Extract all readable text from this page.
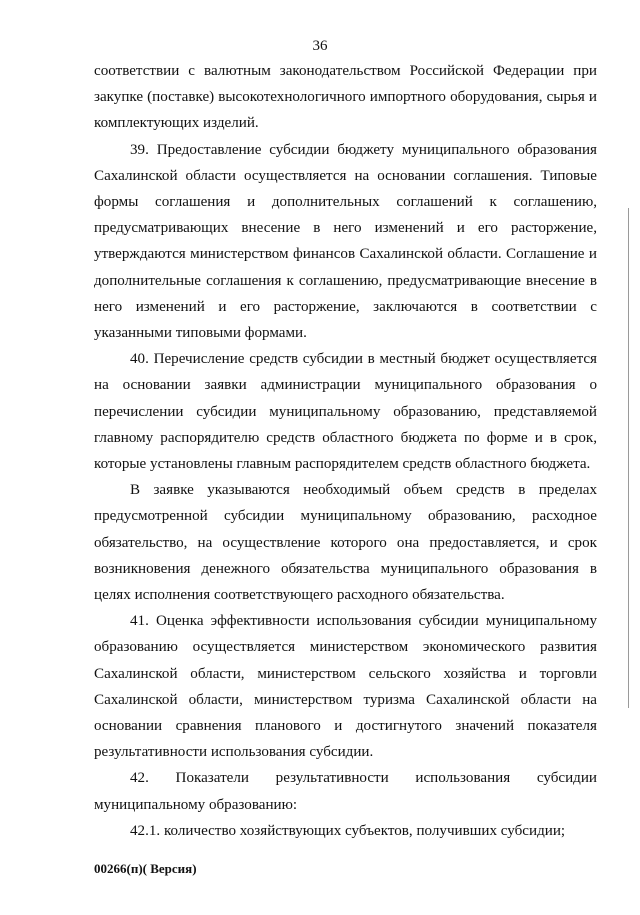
36

соответствии с валютным законодательством Российской Федерации при закупке (поставке) высокотехнологичного импортного оборудования, сырья и комплектующих изделий.

39. Предоставление субсидии бюджету муниципального образования Сахалинской области осуществляется на основании соглашения. Типовые формы соглашения и дополнительных соглашений к соглашению, предусматривающих внесение в него изменений и его расторжение, утверждаются министерством финансов Сахалинской области. Соглашение и дополнительные соглашения к соглашению, предусматривающие внесение в него изменений и его расторжение, заключаются в соответствии с указанными типовыми формами.

40. Перечисление средств субсидии в местный бюджет осуществляется на основании заявки администрации муниципального образования о перечислении субсидии муниципальному образованию, представляемой главному распорядителю средств областного бюджета по форме и в срок, которые установлены главным распорядителем средств областного бюджета.

В заявке указываются необходимый объем средств в пределах предусмотренной субсидии муниципальному образованию, расходное обязательство, на осуществление которого она предоставляется, и срок возникновения денежного обязательства муниципального образования в целях исполнения соответствующего расходного обязательства.

41. Оценка эффективности использования субсидии муниципальному образованию осуществляется министерством экономического развития Сахалинской области, министерством сельского хозяйства и торговли Сахалинской области, министерством туризма Сахалинской области на основании сравнения планового и достигнутого значений показателя результативности использования субсидии.

42. Показатели результативности использования субсидии муниципальному образованию:

42.1. количество хозяйствующих субъектов, получивших субсидии;

00266(п)( Версия)
